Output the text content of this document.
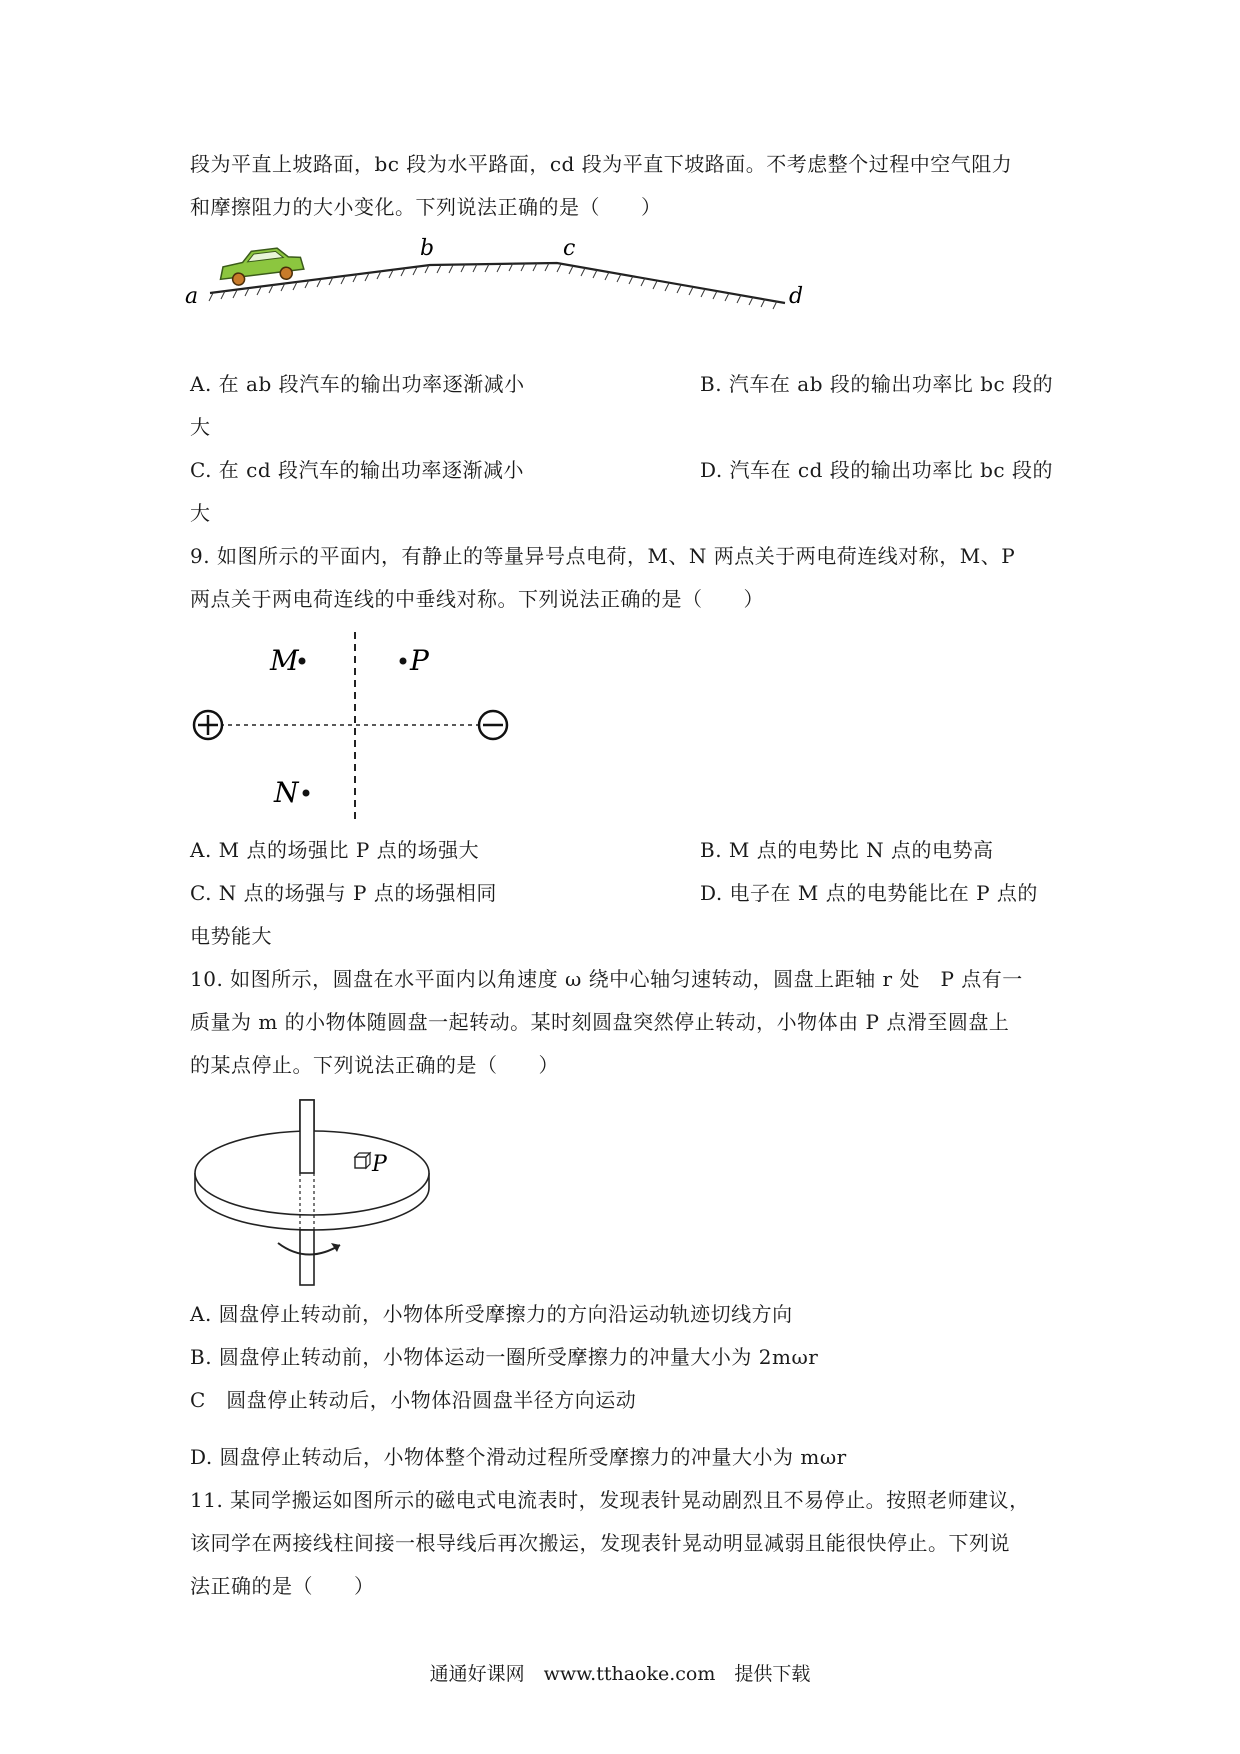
段为平直上坡路面，bc 段为水平路面，cd 段为平直下坡路面。不考虑整个过程中空气阻力
和摩擦阻力的大小变化。下列说法正确的是（　　）
a
b	c
d
A. 在 ab 段汽车的输出功率逐渐减小	B. 汽车在 ab 段的输出功率比 bc 段的
大
C. 在 cd 段汽车的输出功率逐渐减小	D. 汽车在 cd 段的输出功率比 bc 段的
大
9. 如图所示的平面内，有静止的等量异号点电荷，M、N 两点关于两电荷连线对称，M、P
两点关于两电荷连线的中垂线对称。下列说法正确的是（　　）
M	P
N
A. M 点的场强比 P 点的场强大	B. M 点的电势比 N 点的电势高
C. N 点的场强与 P 点的场强相同	D. 电子在 M 点的电势能比在 P 点的
电势能大
10. 如图所示，圆盘在水平面内以角速度 ω 绕中心轴匀速转动，圆盘上距轴 r 处　P 点有一
质量为 m 的小物体随圆盘一起转动。某时刻圆盘突然停止转动，小物体由 P 点滑至圆盘上
的某点停止。下列说法正确的是（　　）
P
A. 圆盘停止转动前，小物体所受摩擦力的方向沿运动轨迹切线方向
B. 圆盘停止转动前，小物体运动一圈所受摩擦力的冲量大小为 2mωr
C　圆盘停止转动后，小物体沿圆盘半径方向运动
D. 圆盘停止转动后，小物体整个滑动过程所受摩擦力的冲量大小为 mωr
11. 某同学搬运如图所示的磁电式电流表时，发现表针晃动剧烈且不易停止。按照老师建议，
该同学在两接线柱间接一根导线后再次搬运，发现表针晃动明显减弱且能很快停止。下列说
法正确的是（　　）
通通好课网　www.tthaoke.com　提供下载
